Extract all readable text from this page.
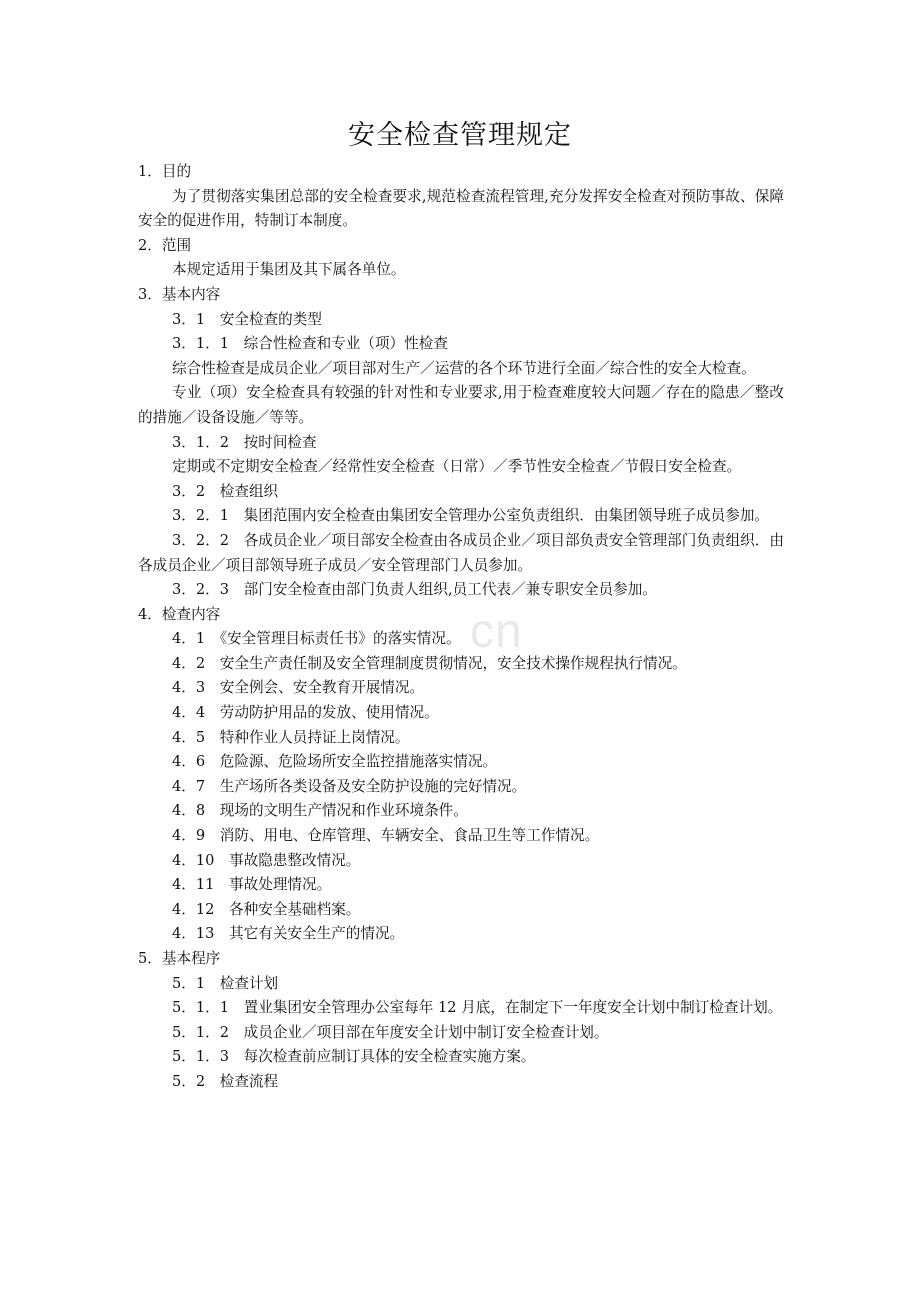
cn
安全检查管理规定
1．目的
为了贯彻落实集团总部的安全检查要求,规范检查流程管理,充分发挥安全检查对预防事故、保障安全的促进作用，特制订本制度。
2．范围
本规定适用于集团及其下属各单位。
3．基本内容
3．1　安全检查的类型
3．1．1　综合性检查和专业（项）性检查
综合性检查是成员企业／项目部对生产／运营的各个环节进行全面／综合性的安全大检查。
专业（项）安全检查具有较强的针对性和专业要求,用于检查难度较大问题／存在的隐患／整改的措施／设备设施／等等。
3．1．2　按时间检查
定期或不定期安全检查／经常性安全检查（日常）／季节性安全检查／节假日安全检查。
3．2　检查组织
3．2．1　集团范围内安全检查由集团安全管理办公室负责组织．由集团领导班子成员参加。
3．2．2　各成员企业／项目部安全检查由各成员企业／项目部负责安全管理部门负责组织．由各成员企业／项目部领导班子成员／安全管理部门人员参加。
3．2．3　部门安全检查由部门负责人组织,员工代表／兼专职安全员参加。
4．检查内容
4．1　《安全管理目标责任书》的落实情况。
4．2　安全生产责任制及安全管理制度贯彻情况，安全技术操作规程执行情况。
4．3　安全例会、安全教育开展情况。
4．4　劳动防护用品的发放、使用情况。
4．5　特种作业人员持证上岗情况。
4．6　危险源、危险场所安全监控措施落实情况。
4．7　生产场所各类设备及安全防护设施的完好情况。
4．8　现场的文明生产情况和作业环境条件。
4．9　消防、用电、仓库管理、车辆安全、食品卫生等工作情况。
4．10　事故隐患整改情况。
4．11　事故处理情况。
4．12　各种安全基础档案。
4．13　其它有关安全生产的情况。
5．基本程序
5．1　检查计划
5．1．1　置业集团安全管理办公室每年 12 月底，在制定下一年度安全计划中制订检查计划。
5．1．2　成员企业／项目部在年度安全计划中制订安全检查计划。
5．1．3　每次检查前应制订具体的安全检查实施方案。
5．2　检查流程
